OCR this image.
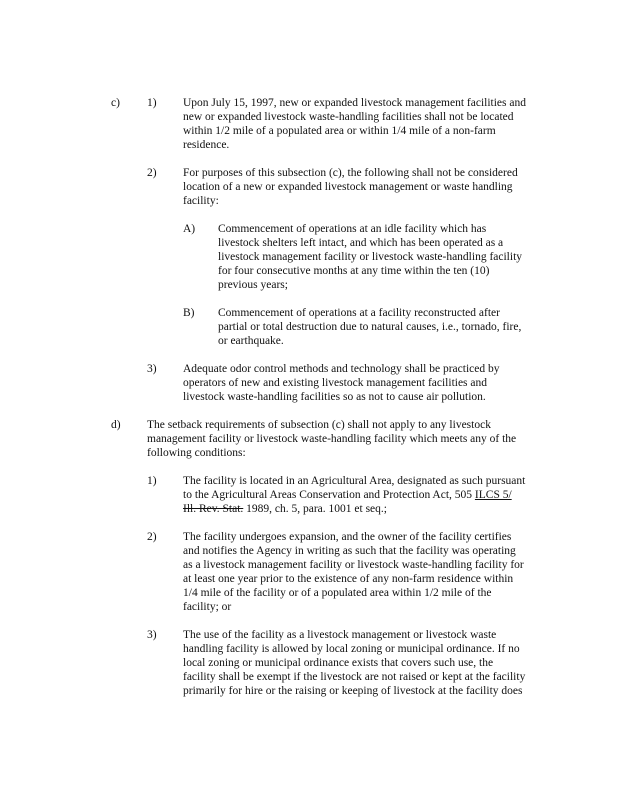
c) 1) Upon July 15, 1997, new or expanded livestock management facilities and
new or expanded livestock waste-handling facilities shall not be located
within 1/2 mile of a populated area or within 1/4 mile of a non-farm
residence.
2) For purposes of this subsection (c), the following shall not be considered
location of a new or expanded livestock management or waste handling
facility:
A) Commencement of operations at an idle facility which has
livestock shelters left intact, and which has been operated as a
livestock management facility or livestock waste-handling facility
for four consecutive months at any time within the ten (10)
previous years;
B) Commencement of operations at a facility reconstructed after
partial or total destruction due to natural causes, i.e., tornado, fire,
or earthquake.
3) Adequate odor control methods and technology shall be practiced by
operators of new and existing livestock management facilities and
livestock waste-handling facilities so as not to cause air pollution.
d) The setback requirements of subsection (c) shall not apply to any livestock
management facility or livestock waste-handling facility which meets any of the
following conditions:
1) The facility is located in an Agricultural Area, designated as such pursuant
to the Agricultural Areas Conservation and Protection Act, 505 ILCS 5/
Ill. Rev. Stat. 1989, ch. 5, para. 1001 et seq.;
2) The facility undergoes expansion, and the owner of the facility certifies
and notifies the Agency in writing as such that the facility was operating
as a livestock management facility or livestock waste-handling facility for
at least one year prior to the existence of any non-farm residence within
1/4 mile of the facility or of a populated area within 1/2 mile of the
facility; or
3) The use of the facility as a livestock management or livestock waste
handling facility is allowed by local zoning or municipal ordinance. If no
local zoning or municipal ordinance exists that covers such use, the
facility shall be exempt if the livestock are not raised or kept at the facility
primarily for hire or the raising or keeping of livestock at the facility does
